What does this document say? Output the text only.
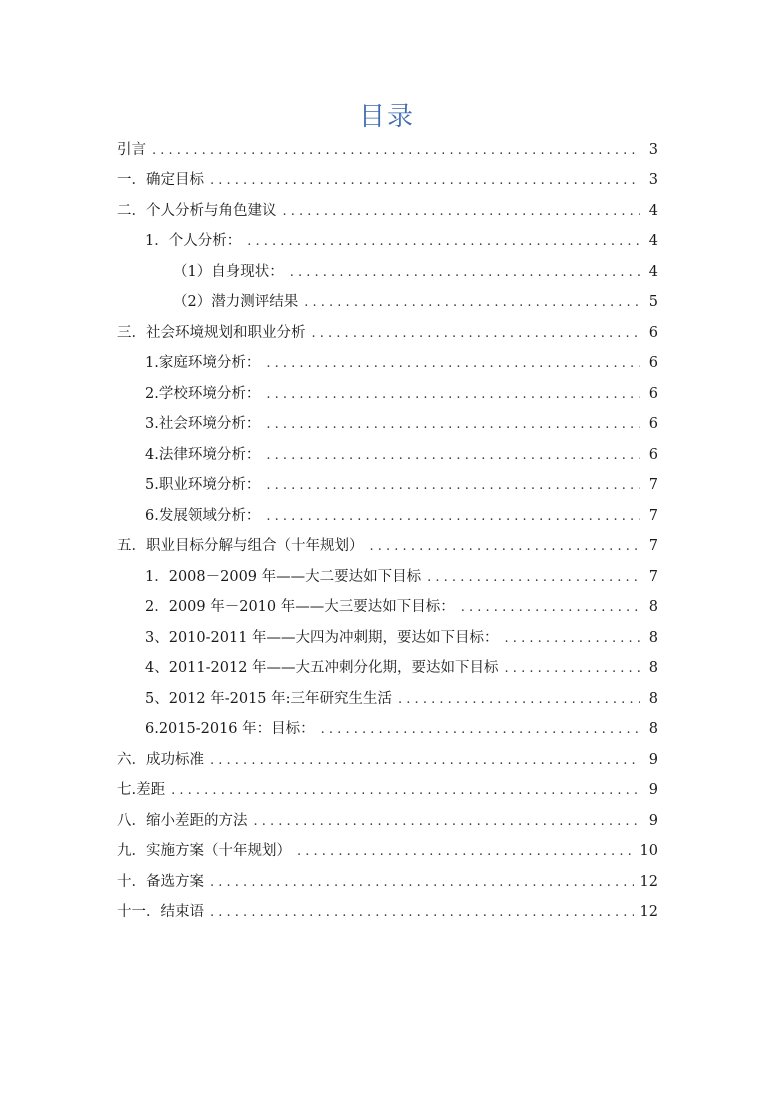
目录
引言 . . .	3
一．确定目标 . . .	3
二．个人分析与角色建议 . . .	4
1．个人分析： . . .	4
（1）自身现状： . . .	4
（2）潜力测评结果 . . .	5
三．社会环境规划和职业分析 . . .	6
1.家庭环境分析： . . .	6
2.学校环境分析： . . .	6
3.社会环境分析： . . .	6
4.法律环境分析： . . .	6
5.职业环境分析： . . .	7
6.发展领域分析： . . .	7
五．职业目标分解与组合（十年规划） . . .	7
1．2008－2009 年——大二要达如下目标 . . .	7
2．2009 年－2010 年——大三要达如下目标： . . .	8
3、2010-2011 年——大四为冲刺期，要达如下目标： . . .	8
4、2011-2012 年——大五冲刺分化期，要达如下目标 . . .	8
5、2012 年-2015 年:三年研究生生活 . . .	8
6.2015-2016 年：目标： . . .	8
六．成功标准 . . .	9
七.差距 . . .	9
八．缩小差距的方法 . . .	9
九．实施方案（十年规划） . . .	10
十．备选方案 . . .	12
十一．结束语 . . .	12
